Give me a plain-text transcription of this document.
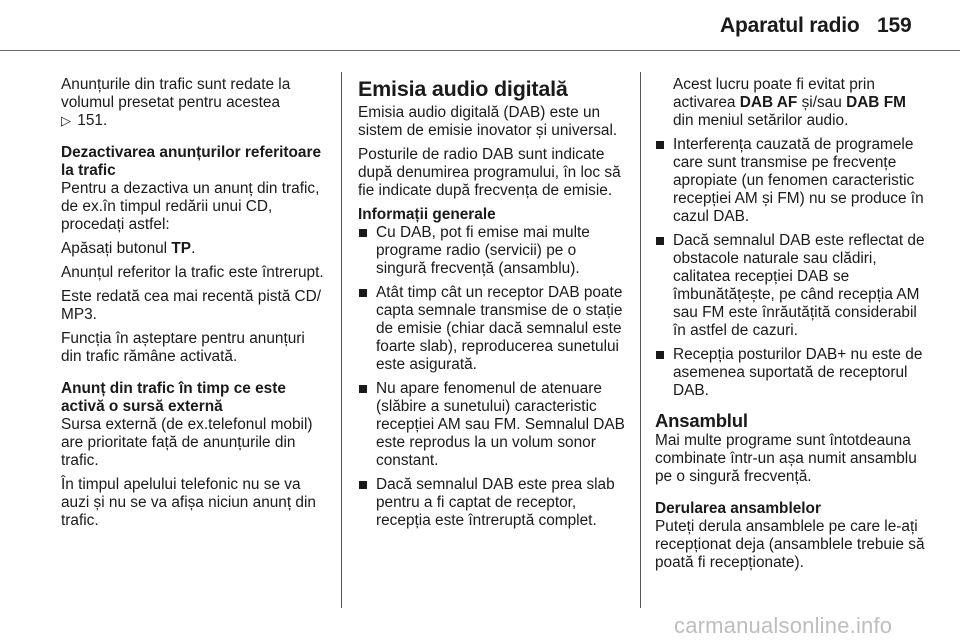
Aparatul radio 159

Anunțurile din trafic sunt redate la
volumul presetat pentru acestea
▷ 151.

Dezactivarea anunțurilor referitoare la trafic

Pentru a dezactiva un anunț din trafic, de ex.în timpul redării unui CD, procedați astfel:

Apăsați butonul TP.

Anunțul referitor la trafic este întrerupt.

Este redată cea mai recentă pistă CD/ MP3.

Funcția în așteptare pentru anunțuri din trafic rămâne activată.

Anunț din trafic în timp ce este activă o sursă externă

Sursa externă (de ex.telefonul mobil) are prioritate față de anunțurile din trafic.

În timpul apelului telefonic nu se va auzi și nu se va afișa niciun anunț din trafic.

Emisia audio digitală

Emisia audio digitală (DAB) este un sistem de emisie inovator și universal.

Posturile de radio DAB sunt indicate după denumirea programului, în loc să fie indicate după frecvența de emisie.

Informații generale

Cu DAB, pot fi emise mai multe programe radio (servicii) pe o singură frecvență (ansamblu).
Atât timp cât un receptor DAB poate capta semnale transmise de o stație de emisie (chiar dacă semnalul este foarte slab), reproducerea sunetului este asigurată.
Nu apare fenomenul de atenuare (slăbire a sunetului) caracteristic recepției AM sau FM. Semnalul DAB este reprodus la un volum sonor constant.
Dacă semnalul DAB este prea slab pentru a fi captat de receptor, recepția este întreruptă complet.

Acest lucru poate fi evitat prin activarea DAB AF și/sau DAB FM din meniul setărilor audio.

Interferența cauzată de programele care sunt transmise pe frecvențe apropiate (un fenomen caracteristic recepției AM și FM) nu se produce în cazul DAB.
Dacă semnalul DAB este reflectat de obstacole naturale sau clădiri, calitatea recepției DAB se îmbunătățește, pe când recepția AM sau FM este înrăutățită considerabil în astfel de cazuri.
Recepția posturilor DAB+ nu este de asemenea suportată de receptorul DAB.
Ansamblul

Mai multe programe sunt întotdeauna combinate într-un așa numit ansamblu pe o singură frecvență.

Derularea ansamblelor

Puteți derula ansamblele pe care le-ați recepționat deja (ansamblele trebuie să poată fi recepționate).

carmanualsonline.info
